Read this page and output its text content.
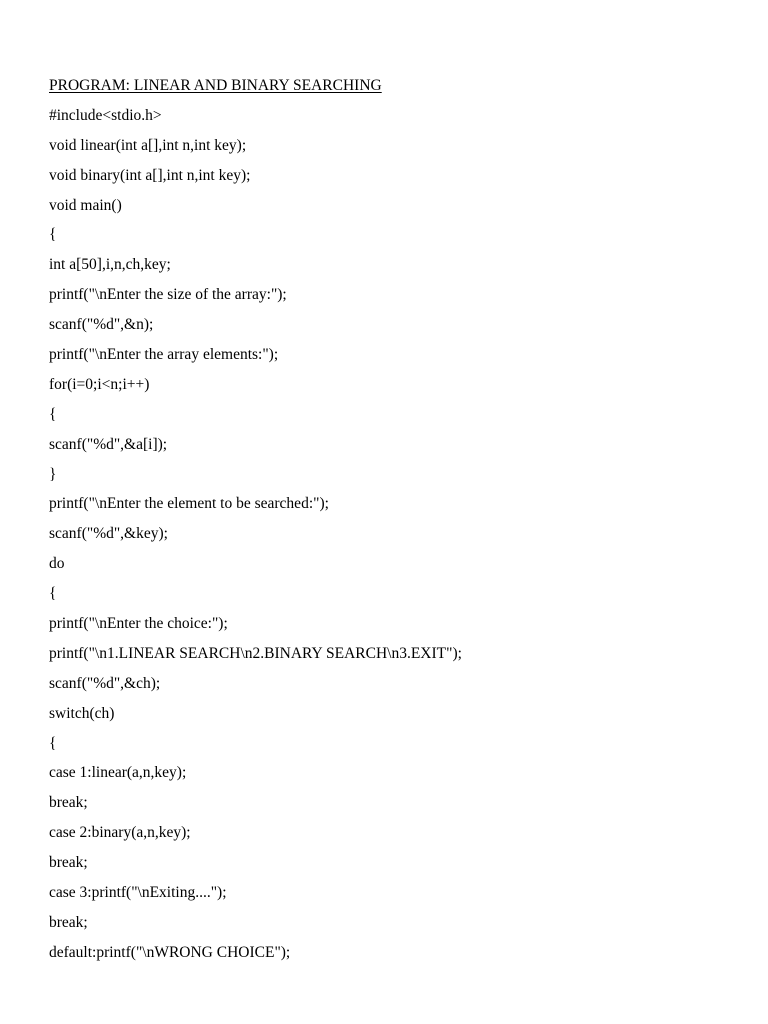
PROGRAM: LINEAR AND BINARY SEARCHING
#include<stdio.h>
void linear(int a[],int n,int key);
void binary(int a[],int n,int key);
void main()
{
int a[50],i,n,ch,key;
printf("\nEnter the size of the array:");
scanf("%d",&n);
printf("\nEnter the array elements:");
for(i=0;i<n;i++)
{
scanf("%d",&a[i]);
}
printf("\nEnter the element to be searched:");
scanf("%d",&key);
do
{
printf("\nEnter the choice:");
printf("\n1.LINEAR SEARCH\n2.BINARY SEARCH\n3.EXIT");
scanf("%d",&ch);
switch(ch)
{
case 1:linear(a,n,key);
break;
case 2:binary(a,n,key);
break;
case 3:printf("\nExiting....");
break;
default:printf("\nWRONG CHOICE");
